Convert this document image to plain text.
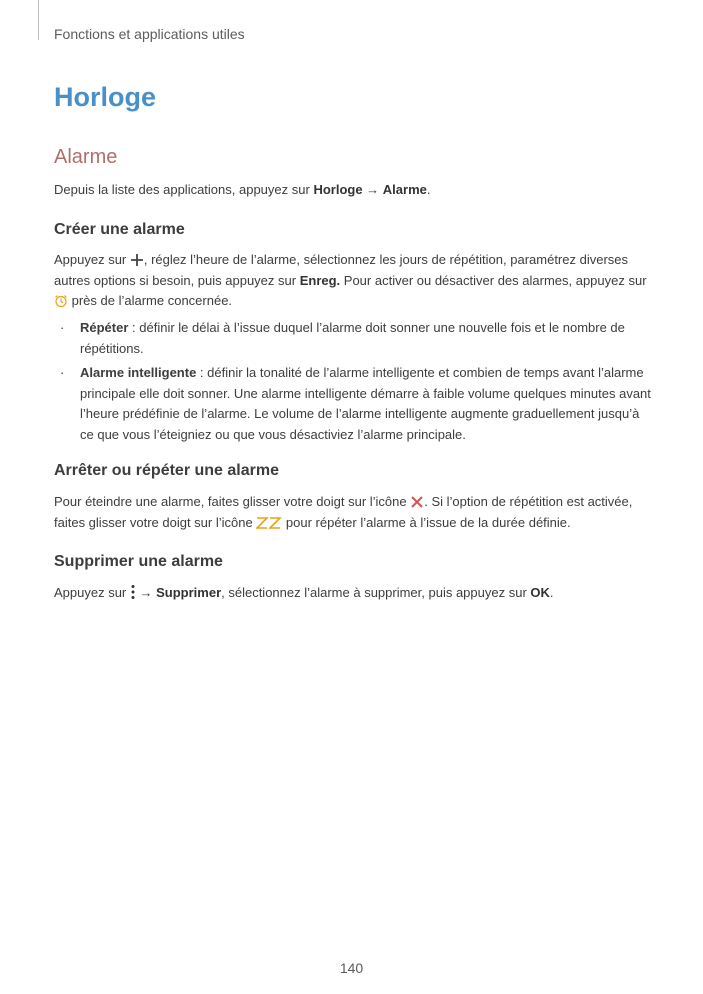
Fonctions et applications utiles
Horloge
Alarme

Depuis la liste des applications, appuyez sur Horloge → Alarme.

Créer une alarme

Appuyez sur , réglez l’heure de l’alarme, sélectionnez les jours de répétition, paramétrez diverses autres options si besoin, puis appuyez sur Enreg. Pour activer ou désactiver des alarmes, appuyez sur  près de l’alarme concernée.

· Répéter : définir le délai à l’issue duquel l’alarme doit sonner une nouvelle fois et le nombre de répétitions.
· Alarme intelligente : définir la tonalité de l’alarme intelligente et combien de temps avant l’alarme principale elle doit sonner. Une alarme intelligente démarre à faible volume quelques minutes avant l’heure prédéfinie de l’alarme. Le volume de l’alarme intelligente augmente graduellement jusqu’à ce que vous l’éteigniez ou que vous désactiviez l’alarme principale.
Arrêter ou répéter une alarme

Pour éteindre une alarme, faites glisser votre doigt sur l’icône . Si l’option de répétition est activée, faites glisser votre doigt sur l’icône  pour répéter l’alarme à l’issue de la durée définie.

Supprimer une alarme

Appuyez sur  → Supprimer, sélectionnez l’alarme à supprimer, puis appuyez sur OK.

140
